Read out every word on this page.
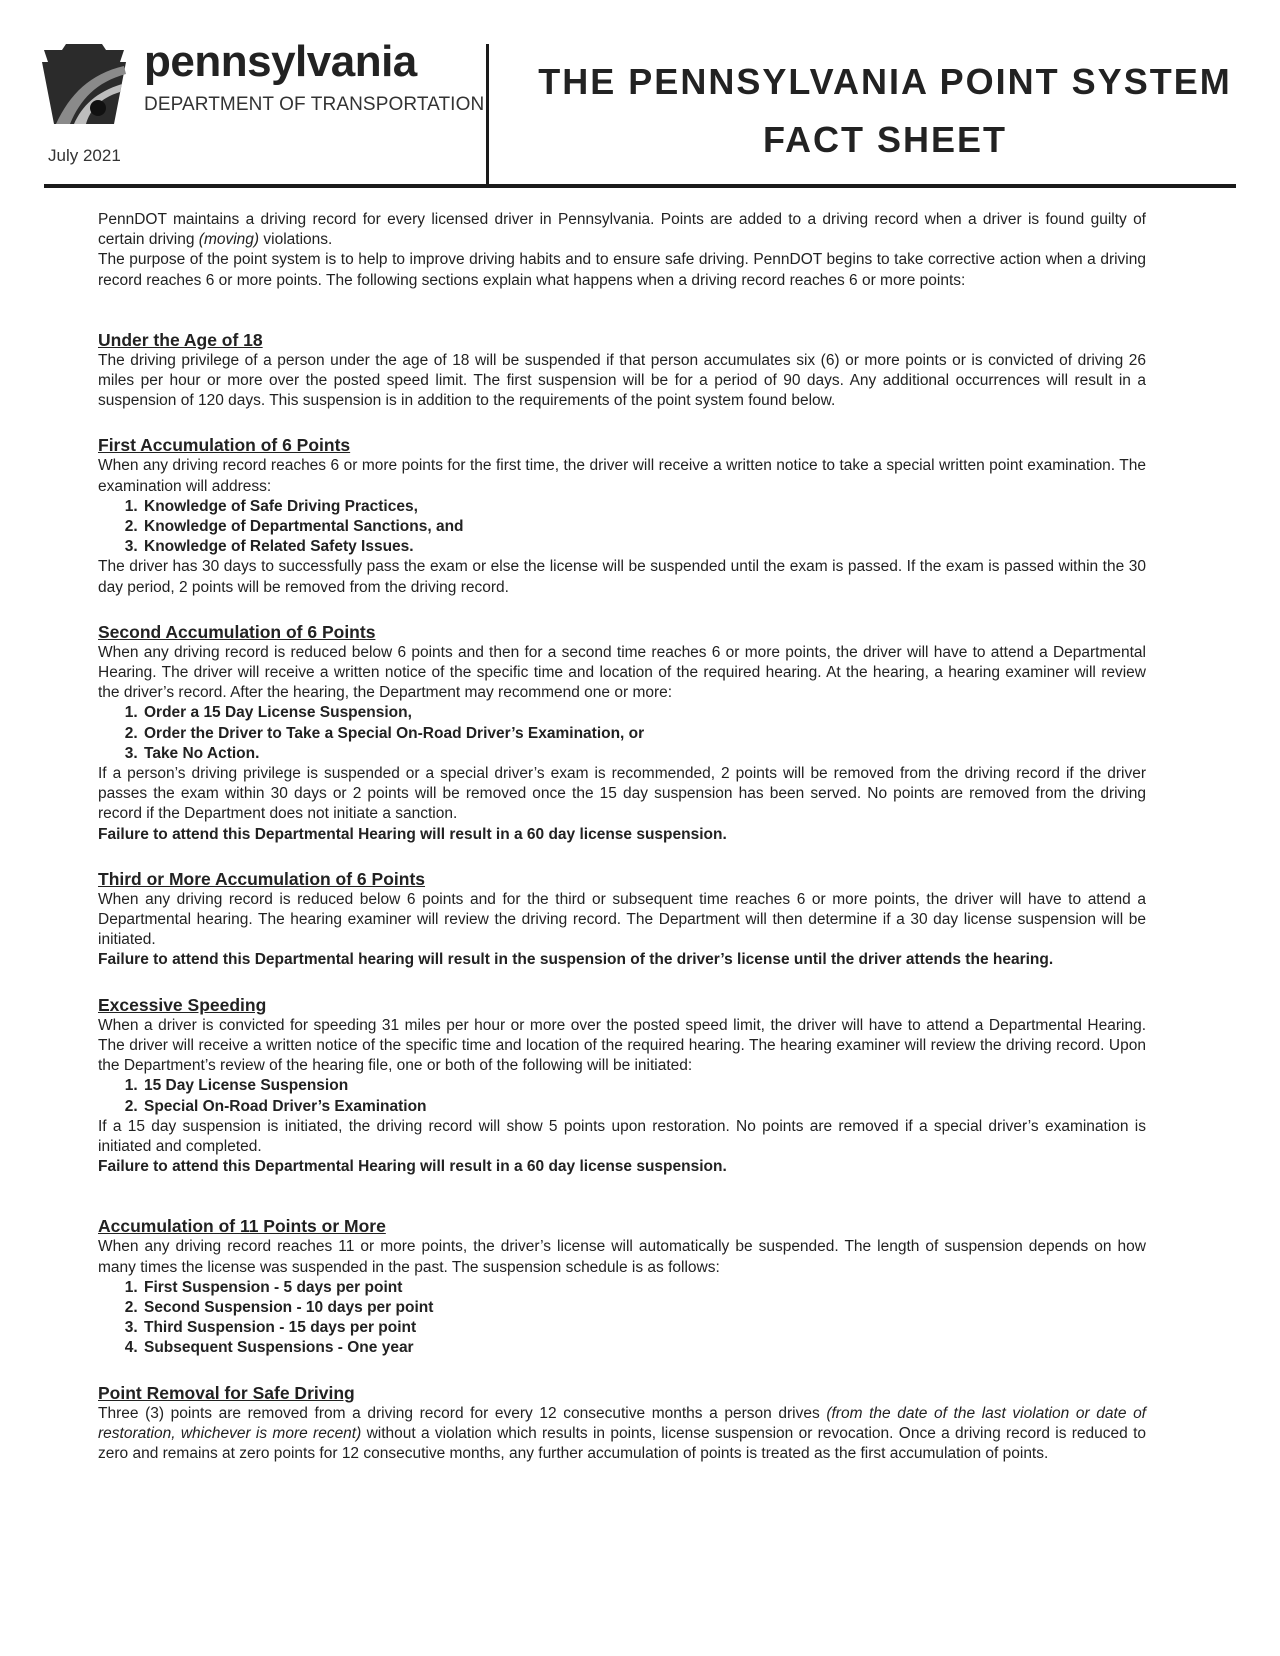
pennsylvania
DEPARTMENT OF TRANSPORTATION
July 2021
THE PENNSYLVANIA POINT SYSTEM
FACT SHEET

PennDOT maintains a driving record for every licensed driver in Pennsylvania. Points are added to a driving record when a driver is found guilty of certain driving (moving) violations.

The purpose of the point system is to help to improve driving habits and to ensure safe driving. PennDOT begins to take corrective action when a driving record reaches 6 or more points. The following sections explain what happens when a driving record reaches 6 or more points:

Under the Age of 18

The driving privilege of a person under the age of 18 will be suspended if that person accumulates six (6) or more points or is convicted of driving 26 miles per hour or more over the posted speed limit. The first suspension will be for a period of 90 days. Any additional occurrences will result in a suspension of 120 days. This suspension is in addition to the requirements of the point system found below.

First Accumulation of 6 Points

When any driving record reaches 6 or more points for the first time, the driver will receive a written notice to take a special written point examination. The examination will address:

1. Knowledge of Safe Driving Practices,
2. Knowledge of Departmental Sanctions, and
3. Knowledge of Related Safety Issues.

The driver has 30 days to successfully pass the exam or else the license will be suspended until the exam is passed. If the exam is passed within the 30 day period, 2 points will be removed from the driving record.

Second Accumulation of 6 Points

When any driving record is reduced below 6 points and then for a second time reaches 6 or more points, the driver will have to attend a Departmental Hearing. The driver will receive a written notice of the specific time and location of the required hearing. At the hearing, a hearing examiner will review the driver’s record. After the hearing, the Department may recommend one or more:

1. Order a 15 Day License Suspension,
2. Order the Driver to Take a Special On-Road Driver’s Examination, or
3. Take No Action.

If a person’s driving privilege is suspended or a special driver’s exam is recommended, 2 points will be removed from the driving record if the driver passes the exam within 30 days or 2 points will be removed once the 15 day suspension has been served. No points are removed from the driving record if the Department does not initiate a sanction.

Failure to attend this Departmental Hearing will result in a 60 day license suspension.

Third or More Accumulation of 6 Points

When any driving record is reduced below 6 points and for the third or subsequent time reaches 6 or more points, the driver will have to attend a Departmental hearing. The hearing examiner will review the driving record. The Department will then determine if a 30 day license suspension will be initiated.

Failure to attend this Departmental hearing will result in the suspension of the driver’s license until the driver attends the hearing.

Excessive Speeding

When a driver is convicted for speeding 31 miles per hour or more over the posted speed limit, the driver will have to attend a Departmental Hearing. The driver will receive a written notice of the specific time and location of the required hearing. The hearing examiner will review the driving record. Upon the Department’s review of the hearing file, one or both of the following will be initiated:

1. 15 Day License Suspension
2. Special On-Road Driver’s Examination

If a 15 day suspension is initiated, the driving record will show 5 points upon restoration. No points are removed if a special driver’s examination is initiated and completed.

Failure to attend this Departmental Hearing will result in a 60 day license suspension.

Accumulation of 11 Points or More

When any driving record reaches 11 or more points, the driver’s license will automatically be suspended. The length of suspension depends on how many times the license was suspended in the past. The suspension schedule is as follows:

1. First Suspension - 5 days per point
2. Second Suspension - 10 days per point
3. Third Suspension - 15 days per point
4. Subsequent Suspensions - One year
Point Removal for Safe Driving

Three (3) points are removed from a driving record for every 12 consecutive months a person drives (from the date of the last violation or date of restoration, whichever is more recent) without a violation which results in points, license suspension or revocation. Once a driving record is reduced to zero and remains at zero points for 12 consecutive months, any further accumulation of points is treated as the first accumulation of points.
